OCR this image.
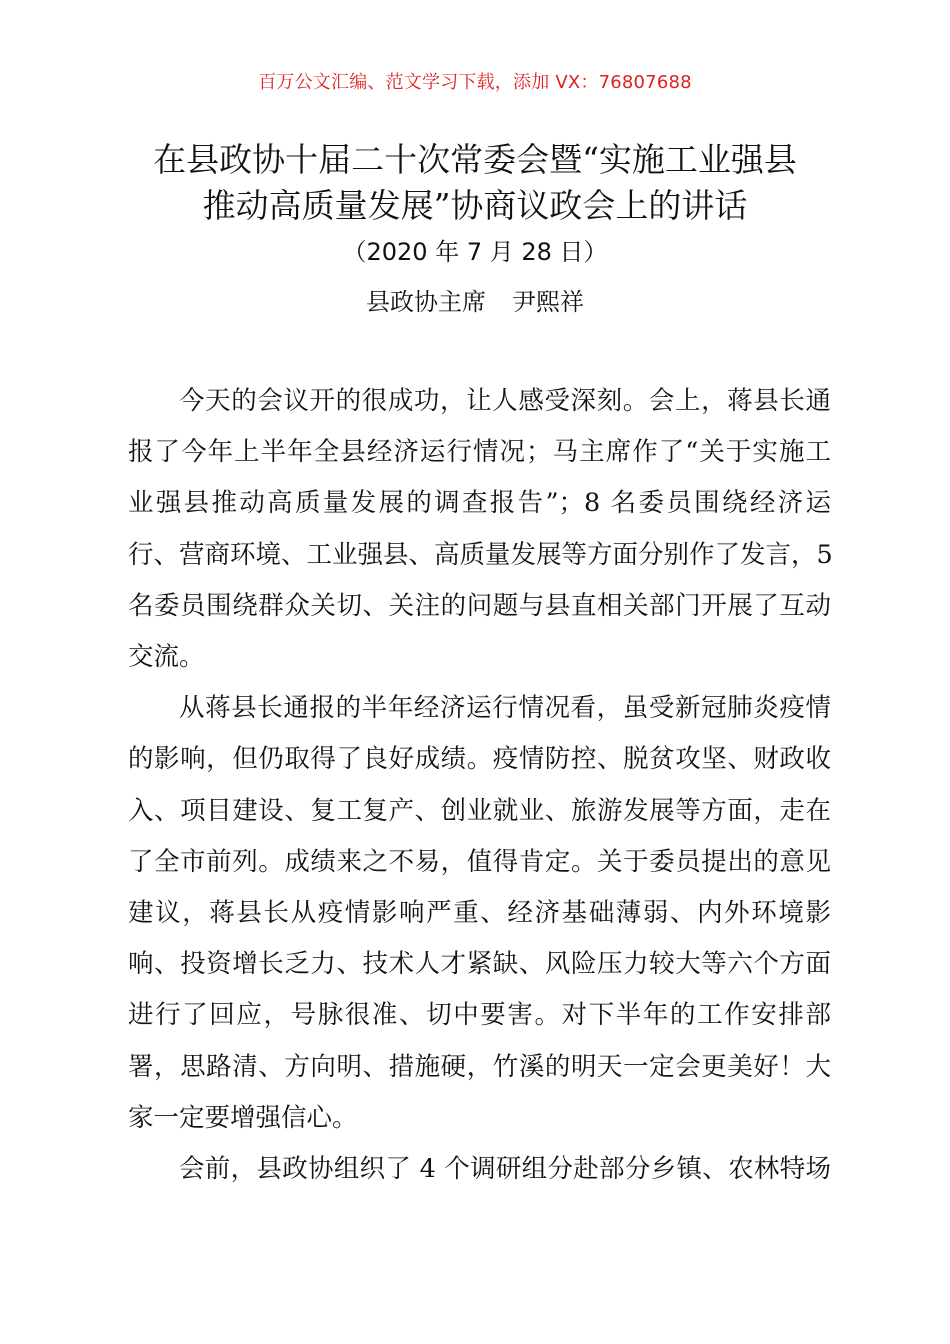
百万公文汇编、范文学习下载，添加 VX：76807688
在县政协十届二十次常委会暨“实施工业强县
推动高质量发展”协商议政会上的讲话
（2020 年 7 月 28 日）
县政协主席 尹熙祥
今天的会议开的很成功，让人感受深刻。会上，蒋县长通
报了今年上半年全县经济运行情况；马主席作了“关于实施工
业强县推动高质量发展的调查报告”；8 名委员围绕经济运
行、营商环境、工业强县、高质量发展等方面分别作了发言，5
名委员围绕群众关切、关注的问题与县直相关部门开展了互动
交流。
从蒋县长通报的半年经济运行情况看，虽受新冠肺炎疫情
的影响，但仍取得了良好成绩。疫情防控、脱贫攻坚、财政收
入、项目建设、复工复产、创业就业、旅游发展等方面，走在
了全市前列。成绩来之不易，值得肯定。关于委员提出的意见
建议，蒋县长从疫情影响严重、经济基础薄弱、内外环境影
响、投资增长乏力、技术人才紧缺、风险压力较大等六个方面
进行了回应，号脉很准、切中要害。对下半年的工作安排部
署，思路清、方向明、措施硬，竹溪的明天一定会更美好！大
家一定要增强信心。
会前，县政协组织了 4 个调研组分赴部分乡镇、农林特场
